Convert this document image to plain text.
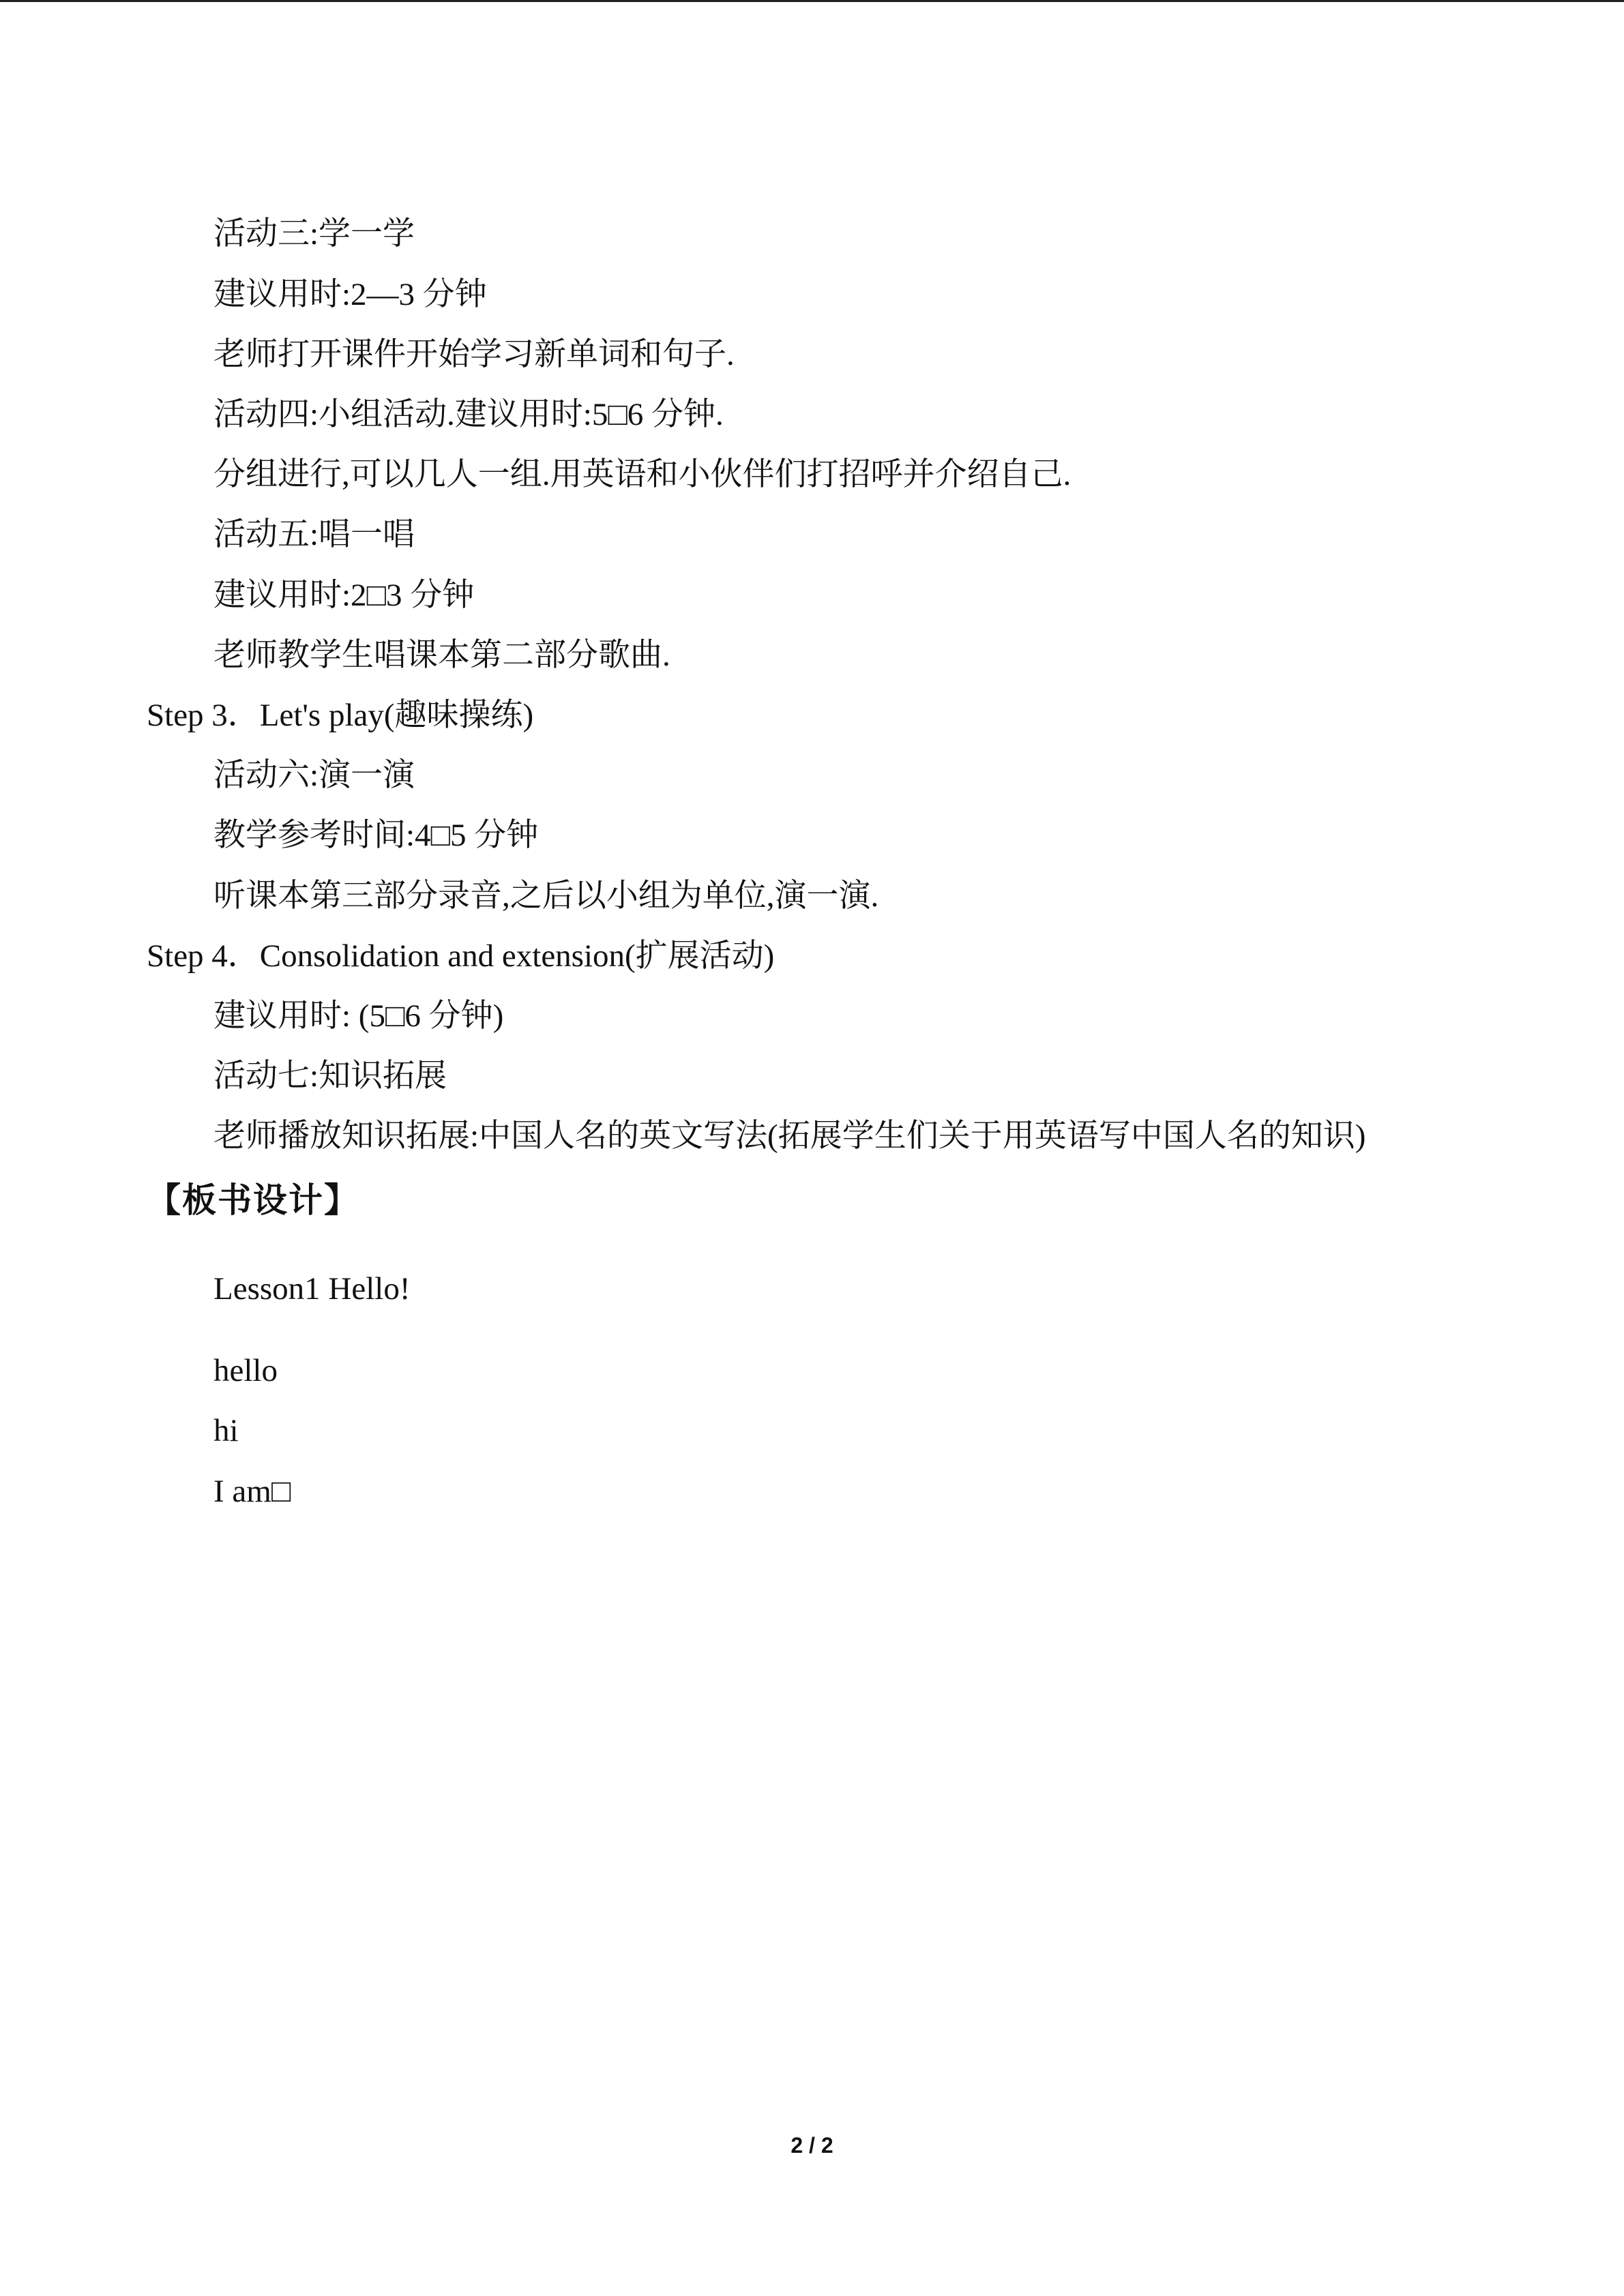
活动三:学一学
建议用时:2—3 分钟
老师打开课件开始学习新单词和句子.
活动四:小组活动.建议用时:5□6 分钟.
分组进行,可以几人一组.用英语和小伙伴们打招呼并介绍自己.
活动五:唱一唱
建议用时:2□3 分钟
老师教学生唱课本第二部分歌曲.
Step 3．Let's play(趣味操练)
活动六:演一演
教学参考时间:4□5 分钟
听课本第三部分录音,之后以小组为单位,演一演.
Step 4．Consolidation and extension(扩展活动)
建议用时: (5□6 分钟)
活动七:知识拓展
老师播放知识拓展:中国人名的英文写法(拓展学生们关于用英语写中国人名的知识)
【板书设计】
Lesson1 Hello!
hello
hi
I am□
2 / 2
